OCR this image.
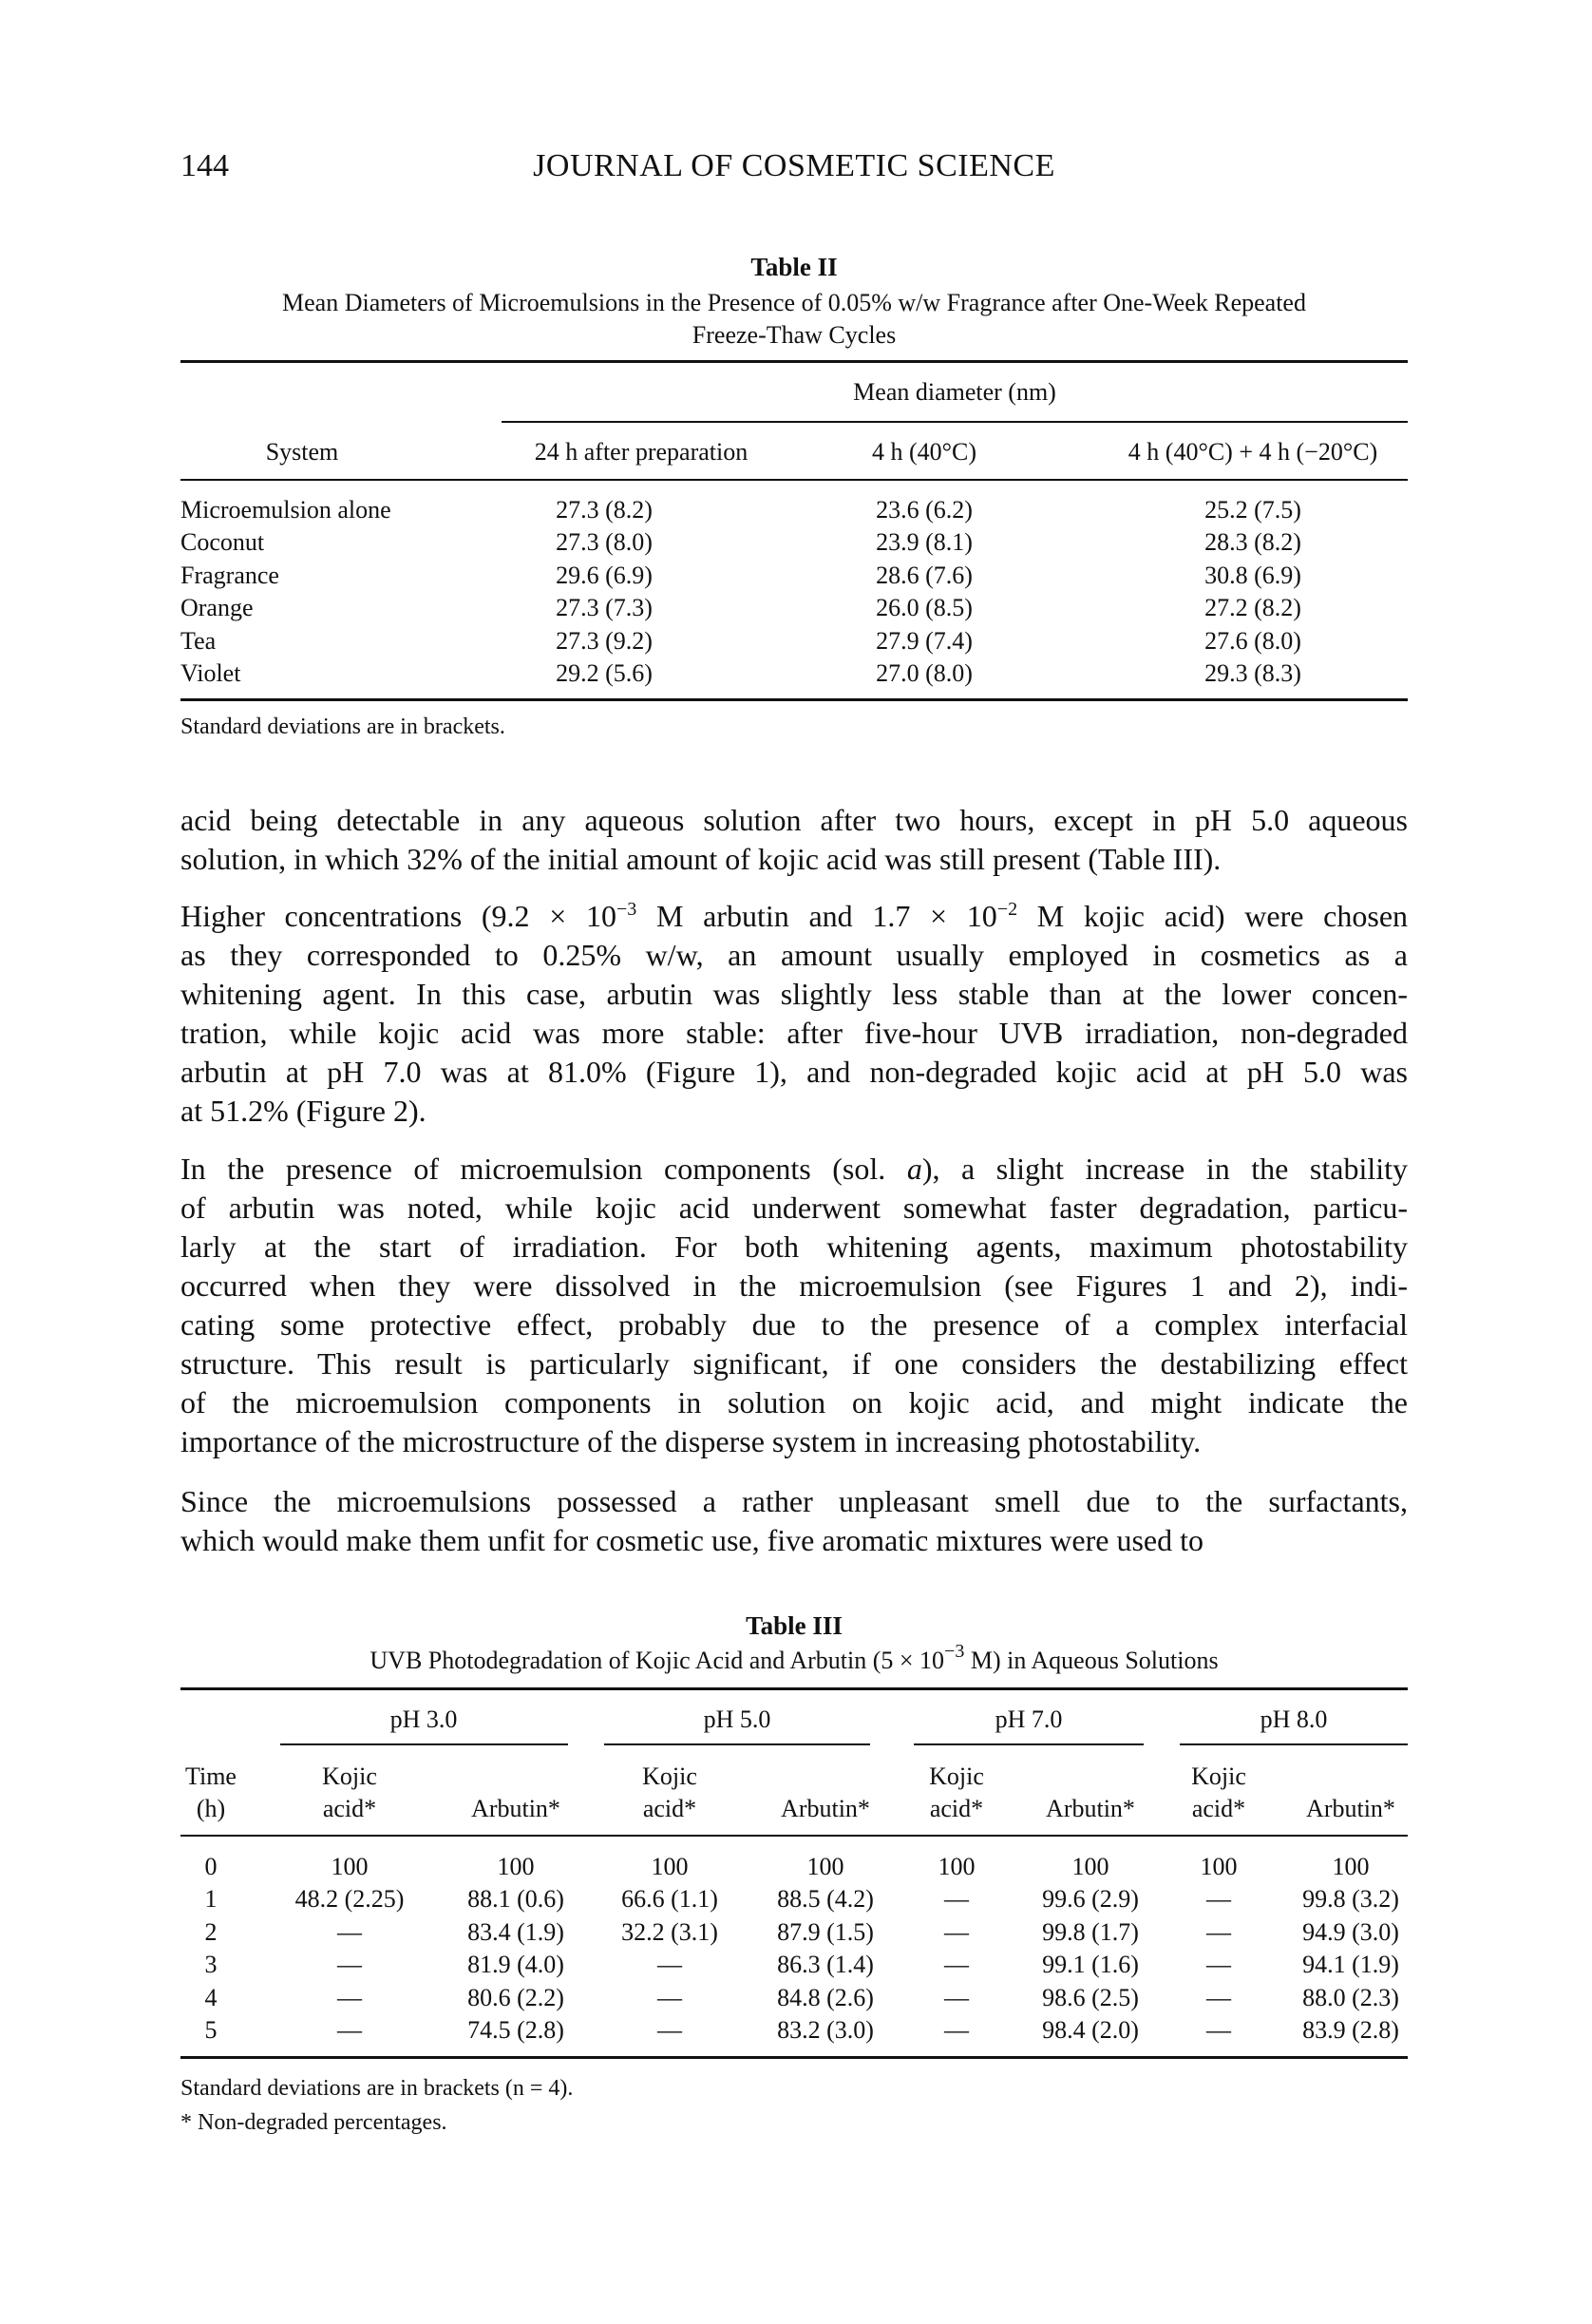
144	JOURNAL OF COSMETIC SCIENCE
Table II
Mean Diameters of Microemulsions in the Presence of 0.05% w/w Fragrance after One-Week Repeated
Freeze-Thaw Cycles
Mean diameter (nm)
System	24 h after preparation	4 h (40°C)	4 h (40°C) + 4 h (−20°C)
Microemulsion alone	27.3 (8.2)	23.6 (6.2)	25.2 (7.5)
Coconut	27.3 (8.0)	23.9 (8.1)	28.3 (8.2)
Fragrance	29.6 (6.9)	28.6 (7.6)	30.8 (6.9)
Orange	27.3 (7.3)	26.0 (8.5)	27.2 (8.2)
Tea	27.3 (9.2)	27.9 (7.4)	27.6 (8.0)
Violet	29.2 (5.6)	27.0 (8.0)	29.3 (8.3)
Standard deviations are in brackets.
acid being detectable in any aqueous solution after two hours, except in pH 5.0 aqueous
solution, in which 32% of the initial amount of kojic acid was still present (Table III).
Higher concentrations ($9.2 \times 10^{-3}$ M arbutin and $1.7 \times 10^{-2}$ M kojic acid) were chosen
as they corresponded to 0.25% w/w, an amount usually employed in cosmetics as a
whitening agent. In this case, arbutin was slightly less stable than at the lower concen-
tration, while kojic acid was more stable: after five-hour UVB irradiation, non-degraded
arbutin at pH 7.0 was at 81.0% (Figure 1), and non-degraded kojic acid at pH 5.0 was
at 51.2% (Figure 2).
In the presence of microemulsion components (sol. a), a slight increase in the stability
of arbutin was noted, while kojic acid underwent somewhat faster degradation, particu-
larly at the start of irradiation. For both whitening agents, maximum photostability
occurred when they were dissolved in the microemulsion (see Figures 1 and 2), indi-
cating some protective effect, probably due to the presence of a complex interfacial
structure. This result is particularly significant, if one considers the destabilizing effect
of the microemulsion components in solution on kojic acid, and might indicate the
importance of the microstructure of the disperse system in increasing photostability.
Since the microemulsions possessed a rather unpleasant smell due to the surfactants,
which would make them unfit for cosmetic use, five aromatic mixtures were used to
Table III
UVB Photodegradation of Kojic Acid and Arbutin ($5 \times 10^{-3}$ M) in Aqueous Solutions
pH 3.0	pH 5.0	pH 7.0	pH 8.0
Time	Kojic	Kojic	Kojic	Kojic
(h)	acid*	Arbutin*	acid*	Arbutin* acid*	Arbutin* acid* Arbutin*
0	100	100	100	100	100	100	100	100
1	48.2 (2.25)	88.1 (0.6) 66.6 (1.1) 88.5 (4.2)	—	99.6 (2.9)	—	99.8 (3.2)
2	—	83.4 (1.9) 32.2 (3.1) 87.9 (1.5)	—	99.8 (1.7)	—	94.9 (3.0)
3	—	81.9 (4.0)	—	86.3 (1.4)	—	99.1 (1.6)	—	94.1 (1.9)
4	—	80.6 (2.2)	—	84.8 (2.6)	—	98.6 (2.5)	—	88.0 (2.3)
5	—	74.5 (2.8)	—	83.2 (3.0)	—	98.4 (2.0)	—	83.9 (2.8)
Standard deviations are in brackets (n = 4).
* Non-degraded percentages.
